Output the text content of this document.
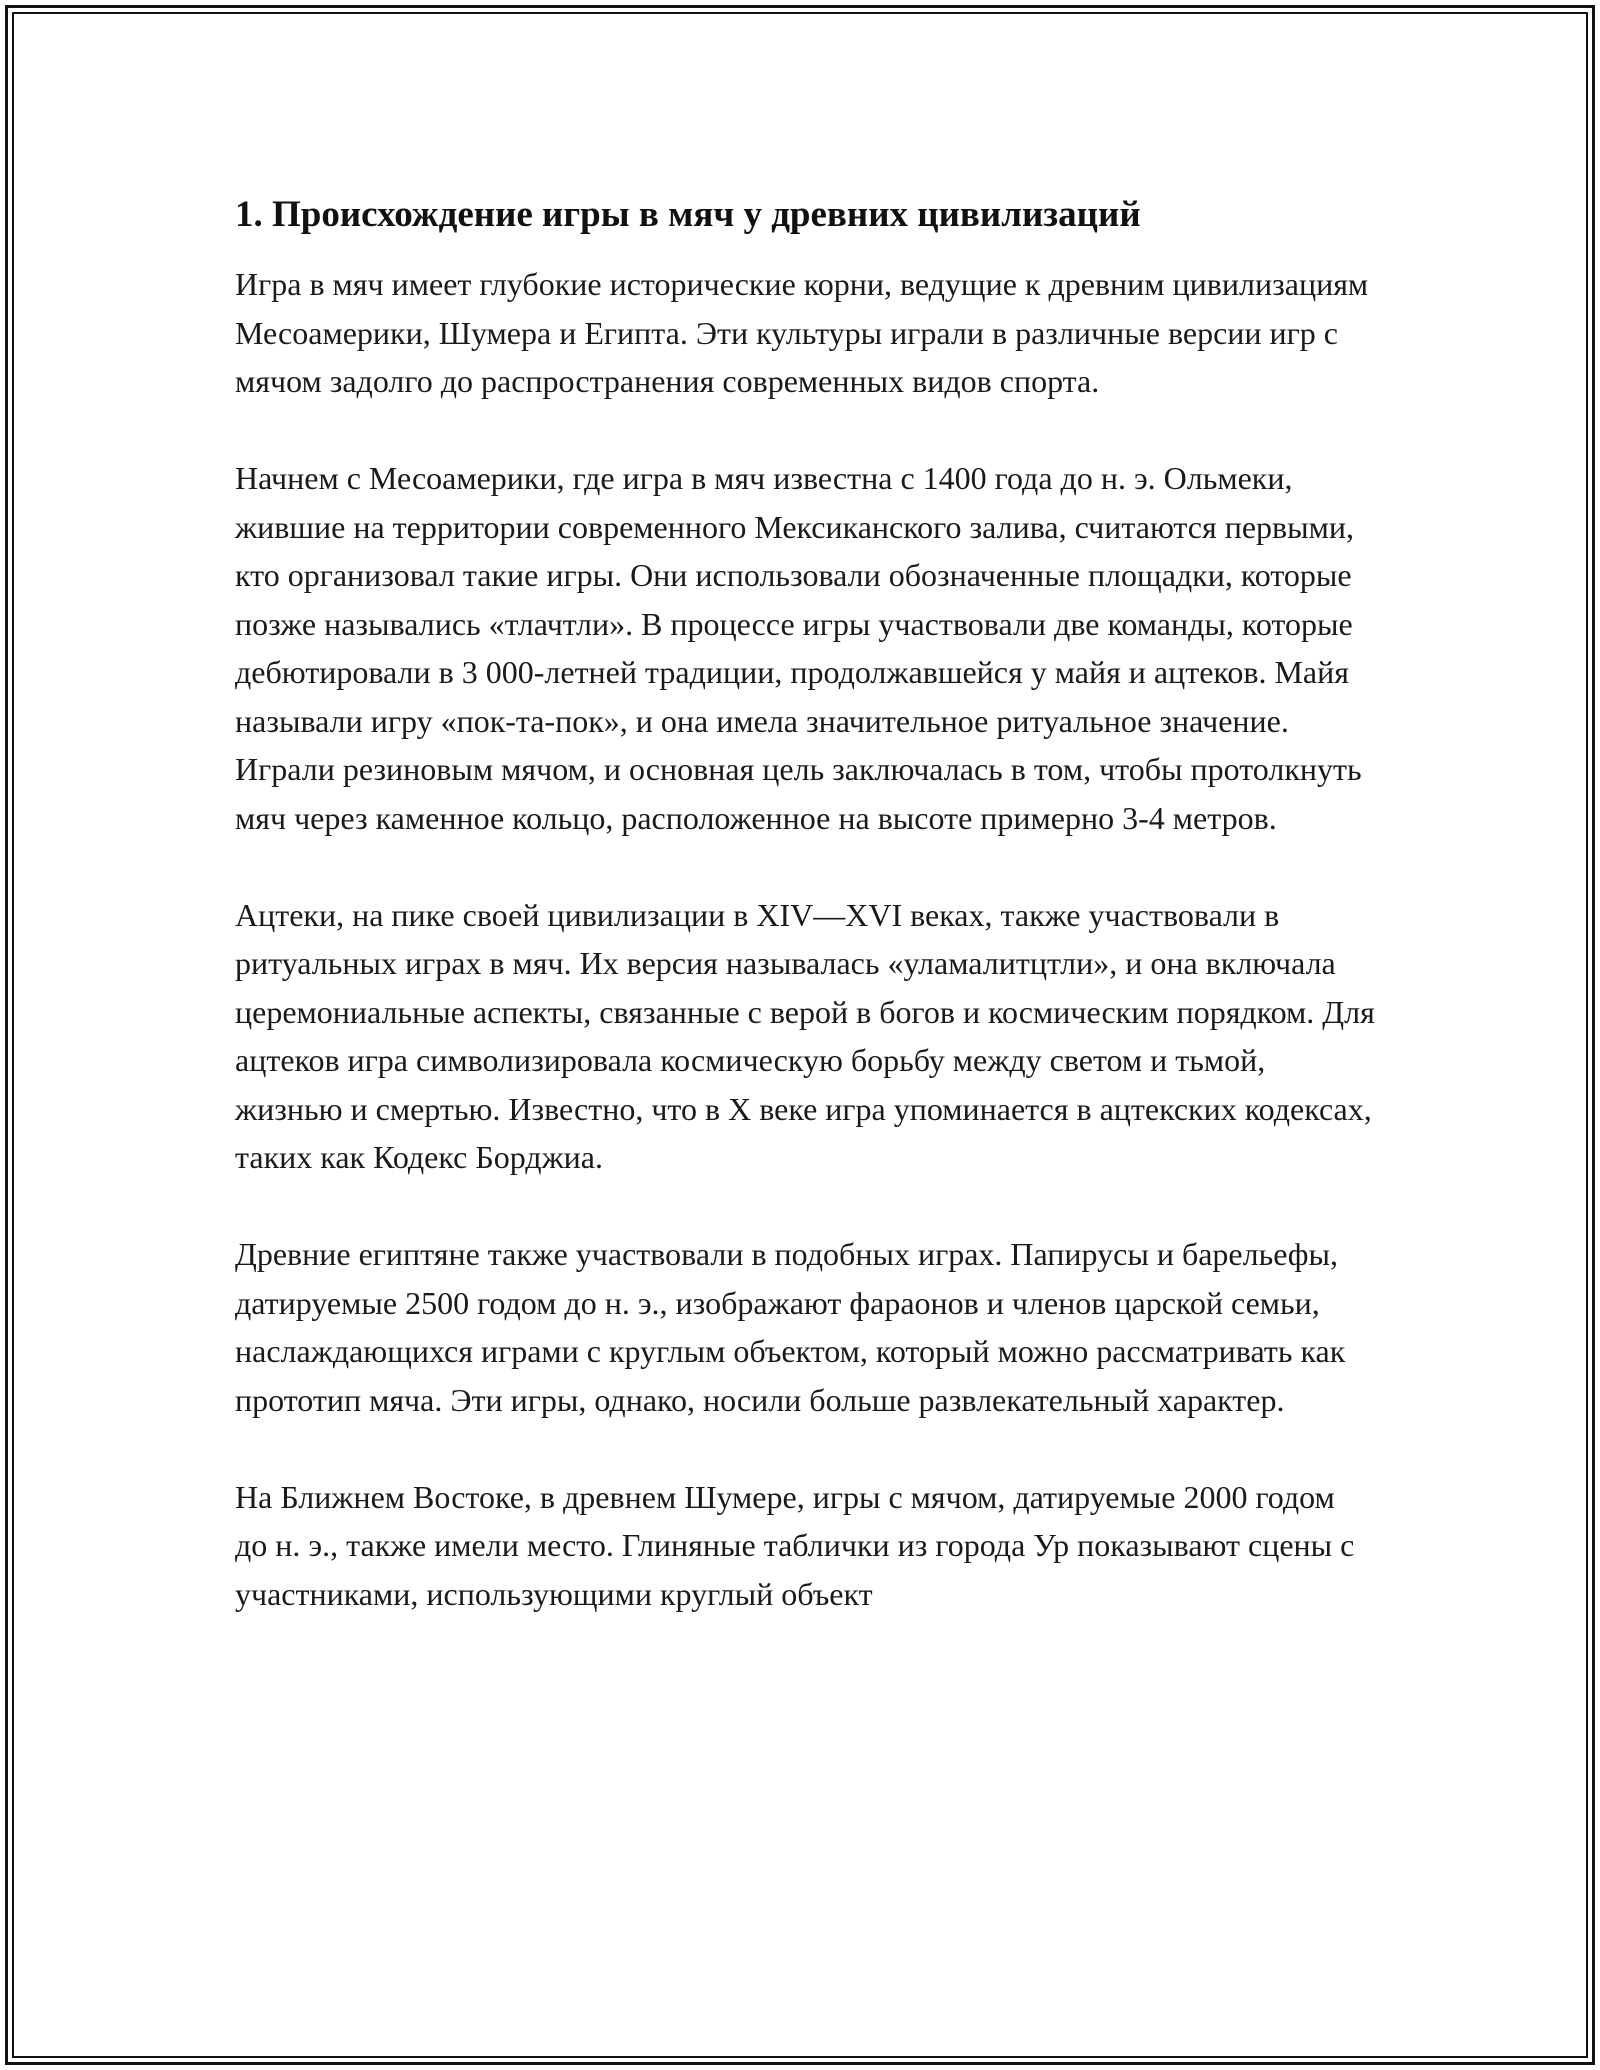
1. Происхождение игры в мяч у древних цивилизаций

Игра в мяч имеет глубокие исторические корни, ведущие к древним цивилизациям Месоамерики, Шумера и Египта. Эти культуры играли в различные версии игр с мячом задолго до распространения современных видов спорта.

Начнем с Месоамерики, где игра в мяч известна с 1400 года до н. э. Ольмеки, жившие на территории современного Мексиканского залива, считаются первыми, кто организовал такие игры. Они использовали обозначенные площадки, которые позже назывались «тлачтли». В процессе игры участвовали две команды, которые дебютировали в 3 000-летней традиции, продолжавшейся у майя и ацтеков. Майя называли игру «пок-та-пок», и она имела значительное ритуальное значение. Играли резиновым мячом, и основная цель заключалась в том, чтобы протолкнуть мяч через каменное кольцо, расположенное на высоте примерно 3-4 метров.

Ацтеки, на пике своей цивилизации в XIV—XVI веках, также участвовали в ритуальных играх в мяч. Их версия называлась «уламалитцтли», и она включала церемониальные аспекты, связанные с верой в богов и космическим порядком. Для ацтеков игра символизировала космическую борьбу между светом и тьмой, жизнью и смертью. Известно, что в X веке игра упоминается в ацтекских кодексах, таких как Кодекс Борджиа.

Древние египтяне также участвовали в подобных играх. Папирусы и барельефы, датируемые 2500 годом до н. э., изображают фараонов и членов царской семьи, наслаждающихся играми с круглым объектом, который можно рассматривать как прототип мяча. Эти игры, однако, носили больше развлекательный характер.

На Ближнем Востоке, в древнем Шумере, игры с мячом, датируемые 2000 годом до н. э., также имели место. Глиняные таблички из города Ур показывают сцены с участниками, использующими круглый объект
